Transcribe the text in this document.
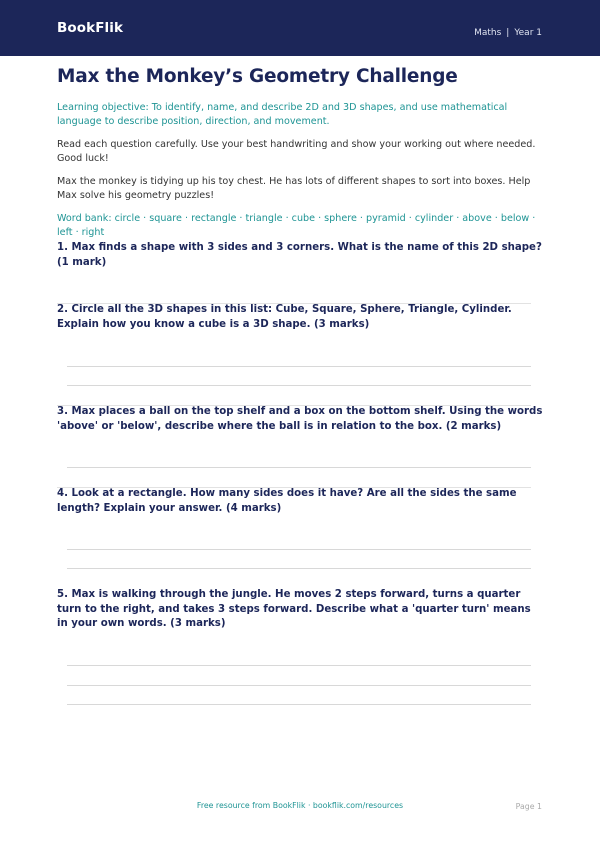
BookFlik	Maths | Year 1
Max the Monkey’s Geometry Challenge

Learning objective: To identify, name, and describe 2D and 3D shapes, and use mathematical language to describe position, direction, and movement.

Read each question carefully. Use your best handwriting and show your working out where needed. Good luck!

Max the monkey is tidying up his toy chest. He has lots of different shapes to sort into boxes. Help Max solve his geometry puzzles!

Word bank: circle · square · rectangle · triangle · cube · sphere · pyramid · cylinder · above · below · left · right

1. Max finds a shape with 3 sides and 3 corners. What is the name of this 2D shape? (1 mark)

2. Circle all the 3D shapes in this list: Cube, Square, Sphere, Triangle, Cylinder. Explain how you know a cube is a 3D shape. (3 marks)

3. Max places a ball on the top shelf and a box on the bottom shelf. Using the words 'above' or 'below', describe where the ball is in relation to the box. (2 marks)

4. Look at a rectangle. How many sides does it have? Are all the sides the same length? Explain your answer. (4 marks)

5. Max is walking through the jungle. He moves 2 steps forward, turns a quarter turn to the right, and takes 3 steps forward. Describe what a 'quarter turn' means in your own words. (3 marks)

Free resource from BookFlik · bookflik.com/resources	Page 1
